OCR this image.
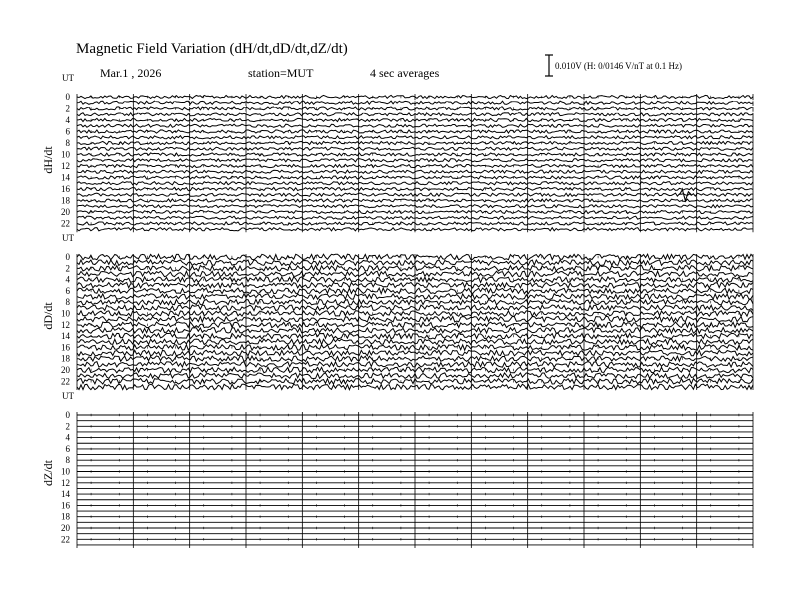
Magnetic Field Variation (dH/dt,dD/dt,dZ/dt)
Mar.1 , 2026	station=MUT	4 sec averages	0.010V (H: 0/0146 V/nT at 0.1 Hz)
UT
dH/dt
0
2
4
6
8
10
12
14
16
18
20
22
UT
dD/dt
0
2
4
6
8
10
12
14
16
18
20
22
UT
dZ/dt
0
2
4
6
8
10
12
14
16
18
20
22
